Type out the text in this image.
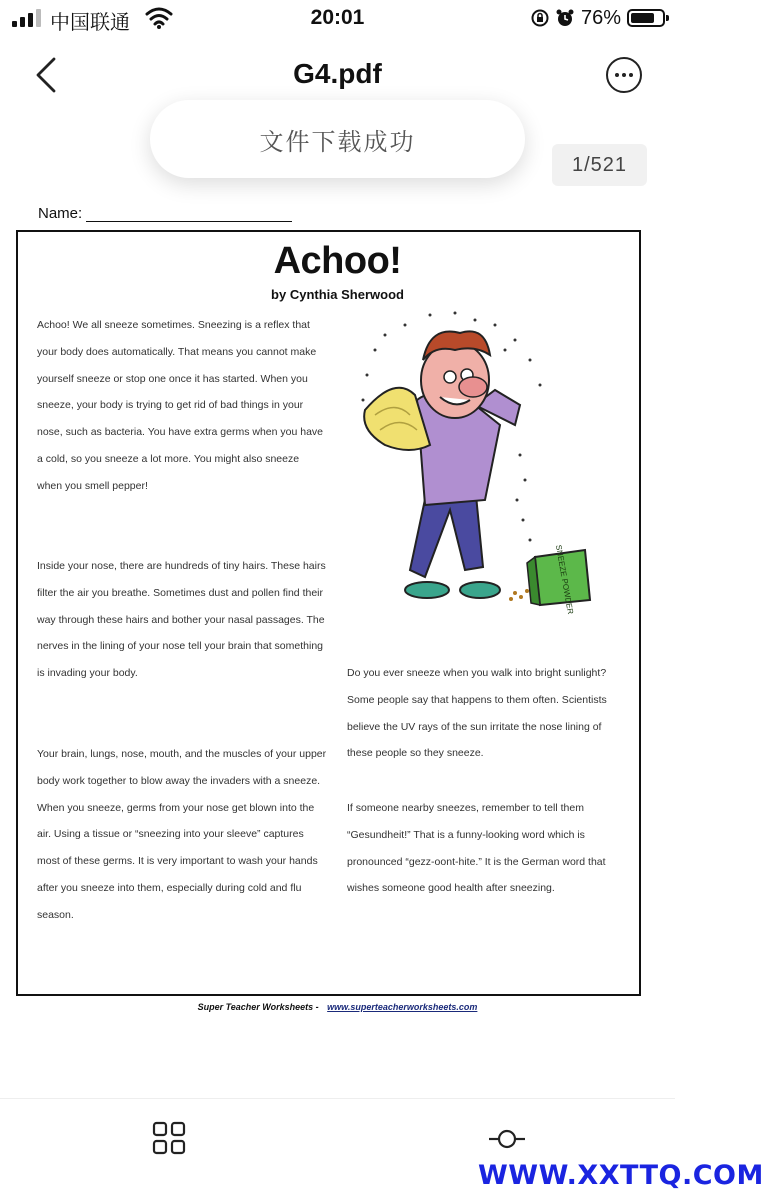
中国联通	20:01	76%
G4.pdf
文件下载成功
1/521
Name:
Achoo!
by Cynthia Sherwood

Achoo! We all sneeze sometimes. Sneezing is a reflex that your body does automatically. That means you cannot make yourself sneeze or stop one once it has started. When you sneeze, your body is trying to get rid of bad things in your nose, such as bacteria. You have extra germs when you have a cold, so you sneeze a lot more. You might also sneeze when you smell pepper!

Inside your nose, there are hundreds of tiny hairs. These hairs filter the air you breathe. Sometimes dust and pollen find their way through these hairs and bother your nasal passages. The nerves in the lining of your nose tell your brain that something is invading your body.

Your brain, lungs, nose, mouth, and the muscles of your upper body work together to blow away the invaders with a sneeze. When you sneeze, germs from your nose get blown into the air. Using a tissue or “sneezing into your sleeve” captures most of these germs. It is very important to wash your hands after you sneeze into them, especially during cold and flu season.

Do you ever sneeze when you walk into bright sunlight? Some people say that happens to them often. Scientists believe the UV rays of the sun irritate the nose lining of these people so they sneeze.

If someone nearby sneezes, remember to tell them “Gesundheit!” That is a funny-looking word which is pronounced “gezz-oont-hite.” It is the German word that wishes someone good health after sneezing.

SNEEZE POWDER
Super Teacher Worksheets - www.superteacherworksheets.com
WWW.XXTTQ.COM
